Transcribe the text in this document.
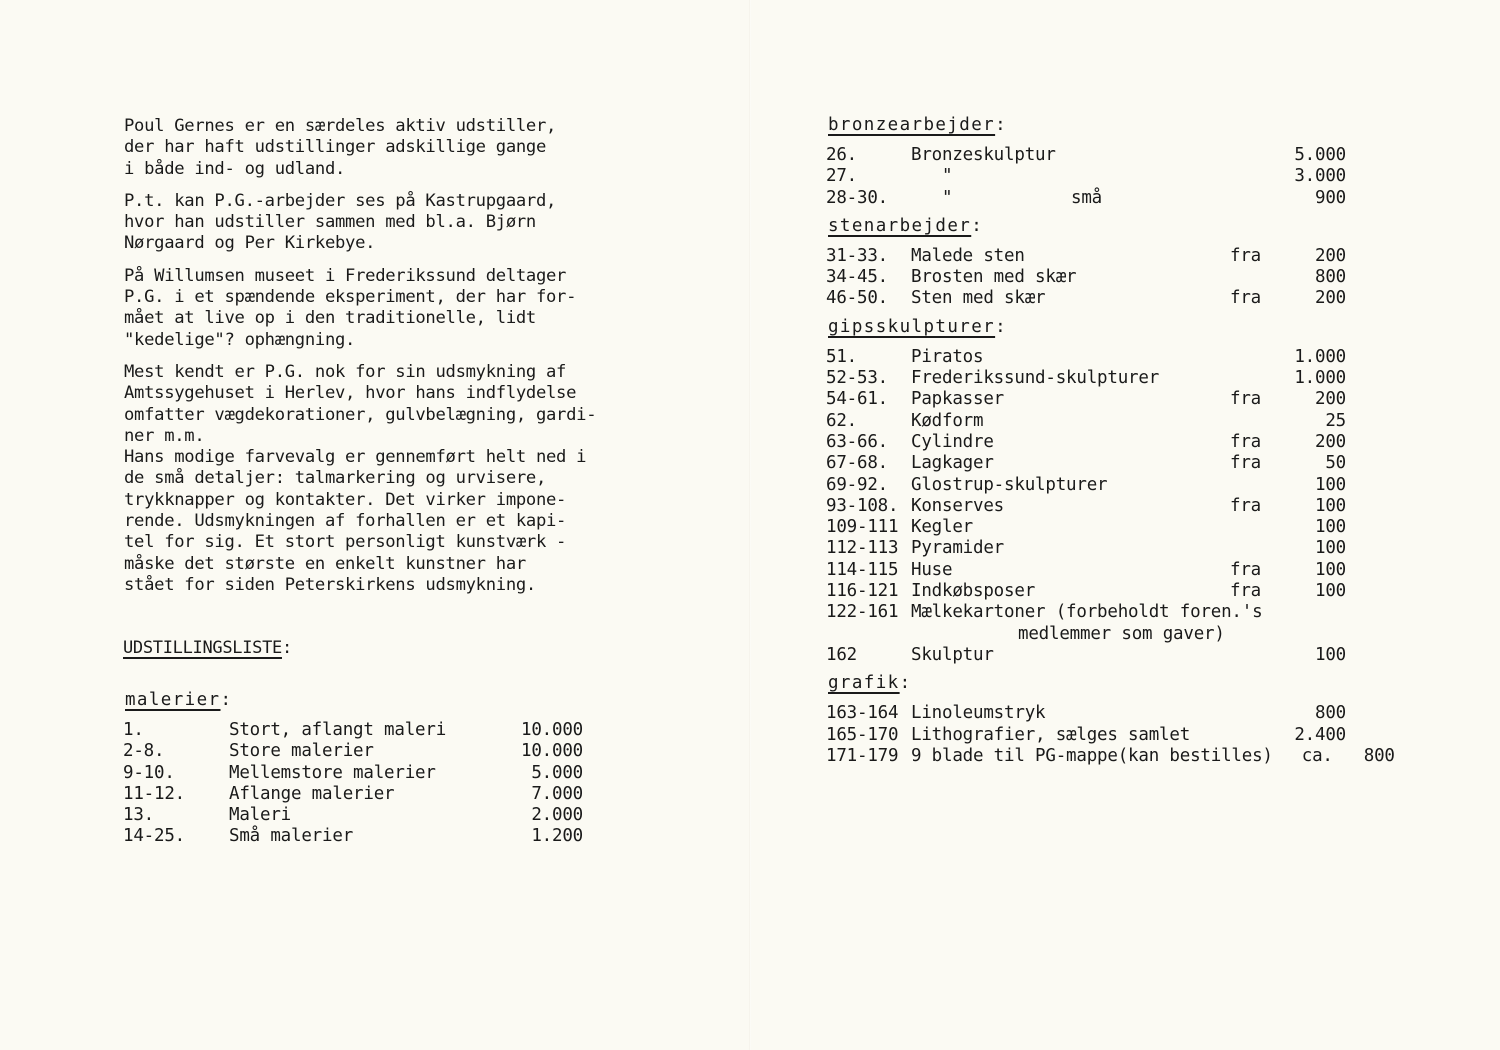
Poul Gernes er en særdeles aktiv udstiller,
der har haft udstillinger adskillige gange
i både ind- og udland.

P.t. kan P.G.-arbejder ses på Kastrupgaard,
hvor han udstiller sammen med bl.a. Bjørn
Nørgaard og Per Kirkebye.

På Willumsen museet i Frederikssund deltager
P.G. i et spændende eksperiment, der har for-
mået at live op i den traditionelle, lidt
"kedelige"? ophængning.

Mest kendt er P.G. nok for sin udsmykning af
Amtssygehuset i Herlev, hvor hans indflydelse
omfatter vægdekorationer, gulvbelægning, gardi-
ner m.m.

Hans modige farvevalg er gennemført helt ned i
de små detaljer: talmarkering og urvisere,
trykknapper og kontakter. Det virker impone-
rende. Udsmykningen af forhallen er et kapi-
tel for sig. Et stort personligt kunstværk -
måske det største en enkelt kunstner har
stået for siden Peterskirkens udsmykning.

UDSTILLINGSLISTE:
malerier:
1.	Stort, aflangt maleri	10.000
2-8.	Store malerier	10.000
9-10.	Mellemstore malerier	5.000
11-12.	Aflange malerier	7.000
13.	Maleri	2.000
14-25.	Små malerier	1.200
bronzearbejder:
26.	Bronzeskulptur	5.000
27.	"	3.000
28-30.	"	små	900
stenarbejder:
31-33.	Malede sten	fra	200
34-45.	Brosten med skær	800
46-50.	Sten med skær	fra	200
gipsskulpturer:
51.	Piratos	1.000
52-53.	Frederikssund-skulpturer	1.000
54-61.	Papkasser	fra	200
62.	Kødform	25
63-66.	Cylindre	fra	200
67-68.	Lagkager	fra	50
69-92.	Glostrup-skulpturer	100
93-108. Konserves	fra	100
109-111 Kegler	100
112-113 Pyramider	100
114-115 Huse	fra	100
116-121 Indkøbsposer	fra	100
122-161 Mælkekartoner (forbeholdt foren.'s
medlemmer som gaver)
162	Skulptur	100
grafik:
163-164 Linoleumstryk	800
165-170 Lithografier, sælges samlet	2.400
171-179 9 blade til PG-mappe(kan bestilles)	ca.	800
